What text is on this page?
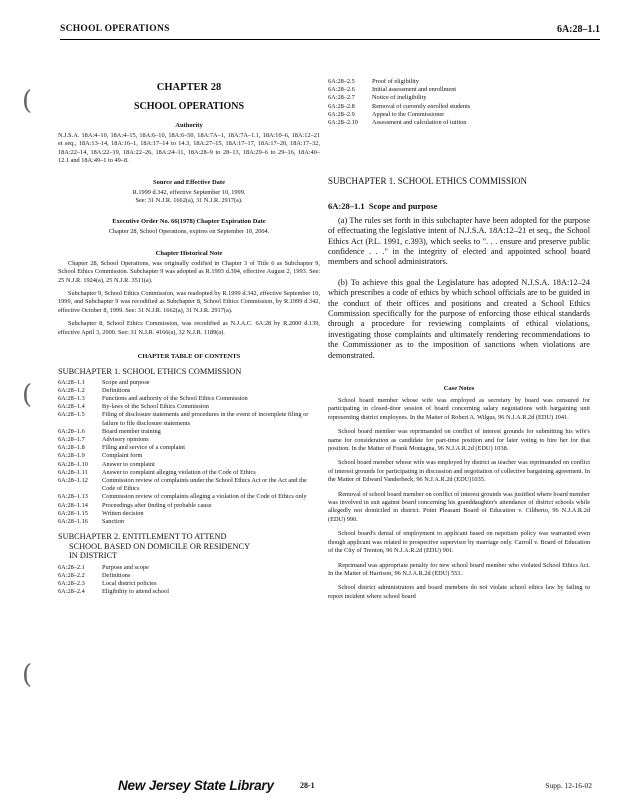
SCHOOL OPERATIONS	6A:28–1.1
(
(
(
CHAPTER 28
SCHOOL OPERATIONS
Authority
N.J.S.A. 18A:4–10, 18A:4–15, 18A:6–10, 18A:6–50, 18A:7A–1, 18A:7A–1.1, 18A:10–6, 18A:12–21 et seq., 18A:13–14, 18A:16–1, 18A:17–14 to 14.3, 18A:27–15, 18A:17–17, 18A:17–20, 18A:17–32, 18A:22–14, 18A:22–19, 18A:22–26, 18A:24–11, 18A:28–9 to 28–13, 18A:29–6 to 29–16, 18A:40–12.1 and 18A:49–1 to 49–8.
Source and Effective Date
R.1999 d.342, effective September 10, 1999.
See: 31 N.J.R. 1662(a), 31 N.J.R. 2917(a).
Executive Order No. 66(1978) Chapter Expiration Date
Chapter 28, School Operations, expires on September 10, 2004.
Chapter Historical Note
Chapter 28, School Operations, was originally codified in Chapter 3 of Title 6 as Subchapter 9, School Ethics Commission. Subchapter 9 was adopted as R.1993 d.394, effective August 2, 1993. See: 25 N.J.R. 1924(a), 25 N.J.R. 3511(a).
Subchapter 9, School Ethics Commission, was readopted by R.1999 d.342, effective September 10, 1999, and Subchapter 9 was recodified as Subchapter 8, School Ethics Commission, by R.1999 d.342, effective October 8, 1999. See: 31 N.J.R. 1662(a), 31 N.J.R. 2917(a).
Subchapter 8, School Ethics Commission, was recodified as N.J.A.C. 6A:28 by R.2000 d.139, effective April 3, 2000. See: 31 N.J.R. 4166(a), 32 N.J.R. 1189(a).
CHAPTER TABLE OF CONTENTS
SUBCHAPTER 1. SCHOOL ETHICS COMMISSION
6A:28–1.1	Scope and purpose
6A:28–1.2	Definitions
6A:28–1.3	Functions and authority of the School Ethics Commission
6A:28–1.4	By-laws of the School Ethics Commission
6A:28–1.5	Filing of disclosure statements and procedures in the event of incomplete filing or failure to file disclosure statements
6A:28–1.6	Board member training
6A:28–1.7	Advisory opinions
6A:28–1.8	Filing and service of a complaint
6A:28–1.9	Complaint form
6A:28–1.10	Answer to complaint
6A:28–1.11	Answer to complaint alleging violation of the Code of Ethics
6A:28–1.12	Commission review of complaints under the School Ethics Act or the Act and the Code of Ethics
6A:28–1.13	Commission review of complaints alleging a violation of the Code of Ethics only
6A:28–1.14	Proceedings after finding of probable cause
6A:28–1.15	Written decision
6A:28–1.16	Sanction
SUBCHAPTER 2. ENTITLEMENT TO ATTEND
SCHOOL BASED ON DOMICILE OR RESIDENCY
IN DISTRICT
6A:28–2.1	Purpose and scope
6A:28–2.2	Definitions
6A:28–2.3	Local district policies
6A:28–2.4	Eligibility to attend school
6A:28–2.5	Proof of eligibility
6A:28–2.6	Initial assessment and enrollment
6A:28–2.7	Notice of ineligibility
6A:28–2.8	Removal of currently enrolled students
6A:28–2.9	Appeal to the Commissioner
6A:28–2.10	Assessment and calculation of tuition
SUBCHAPTER 1. SCHOOL ETHICS COMMISSION
6A:28–1.1 Scope and purpose
(a) The rules set forth in this subchapter have been adopted for the purpose of effectuating the legislative intent of N.J.S.A. 18A:12–21 et seq., the School Ethics Act (P.L. 1991, c.393), which seeks to ". . . ensure and preserve public confidence . . ." in the integrity of elected and appointed school board members and school administrators.
(b) To achieve this goal the Legislature has adopted N.J.S.A. 18A:12–24 which prescribes a code of ethics by which school officials are to be guided in the conduct of their offices and positions and created a School Ethics Commission specifically for the purpose of enforcing those ethical standards through a procedure for reviewing complaints of ethical violations, investigating those complaints and ultimately rendering recommendations to the Commissioner as to the imposition of sanctions when violations are demonstrated.
Case Notes
School board member whose wife was employed as secretary by board was censured for participating in closed-door session of board concerning salary negotiations with bargaining unit representing district employees. In the Matter of Robert A. Wilgus, 96 N.J.A.R.2d (EDU) 1041.
School board member was reprimanded on conflict of interest grounds for submitting his wife's name for consideration as candidate for part-time position and for later voting to hire her for that position. In the Matter of Frank Montagna, 96 N.J.A.R.2d (EDU) 1038.
School board member whose wife was employed by district as teacher was reprimanded on conflict of interest grounds for participating in discussion and negotiation of collective bargaining agreement. In the Matter of Edward Vanderbeck, 96 N.J.A.R.2d (EDU)1035.
Removal of school board member on conflict of interest grounds was justified where board member was involved in suit against board concerning his granddaughter's attendance of district schools while allegedly not domiciled in district. Point Pleasant Board of Education v. Ciliberto, 96 N.J.A.R.2d (EDU) 990.
School board's denial of employment to applicant based on nepotism policy was warranted even though applicant was related to prospective supervisor by marriage only. Carroll v. Board of Education of the City of Trenton, 96 N.J.A.R.2d (EDU) 901.
Reprimand was appropriate penalty for new school board member who violated School Ethics Act. In the Matter of Harrison, 96 N.J.A.R.2d (EDU) 553.
School district administrators and board members do not violate school ethics law by failing to report incident where school board
New Jersey State Library	28-1	Supp. 12-16-02
